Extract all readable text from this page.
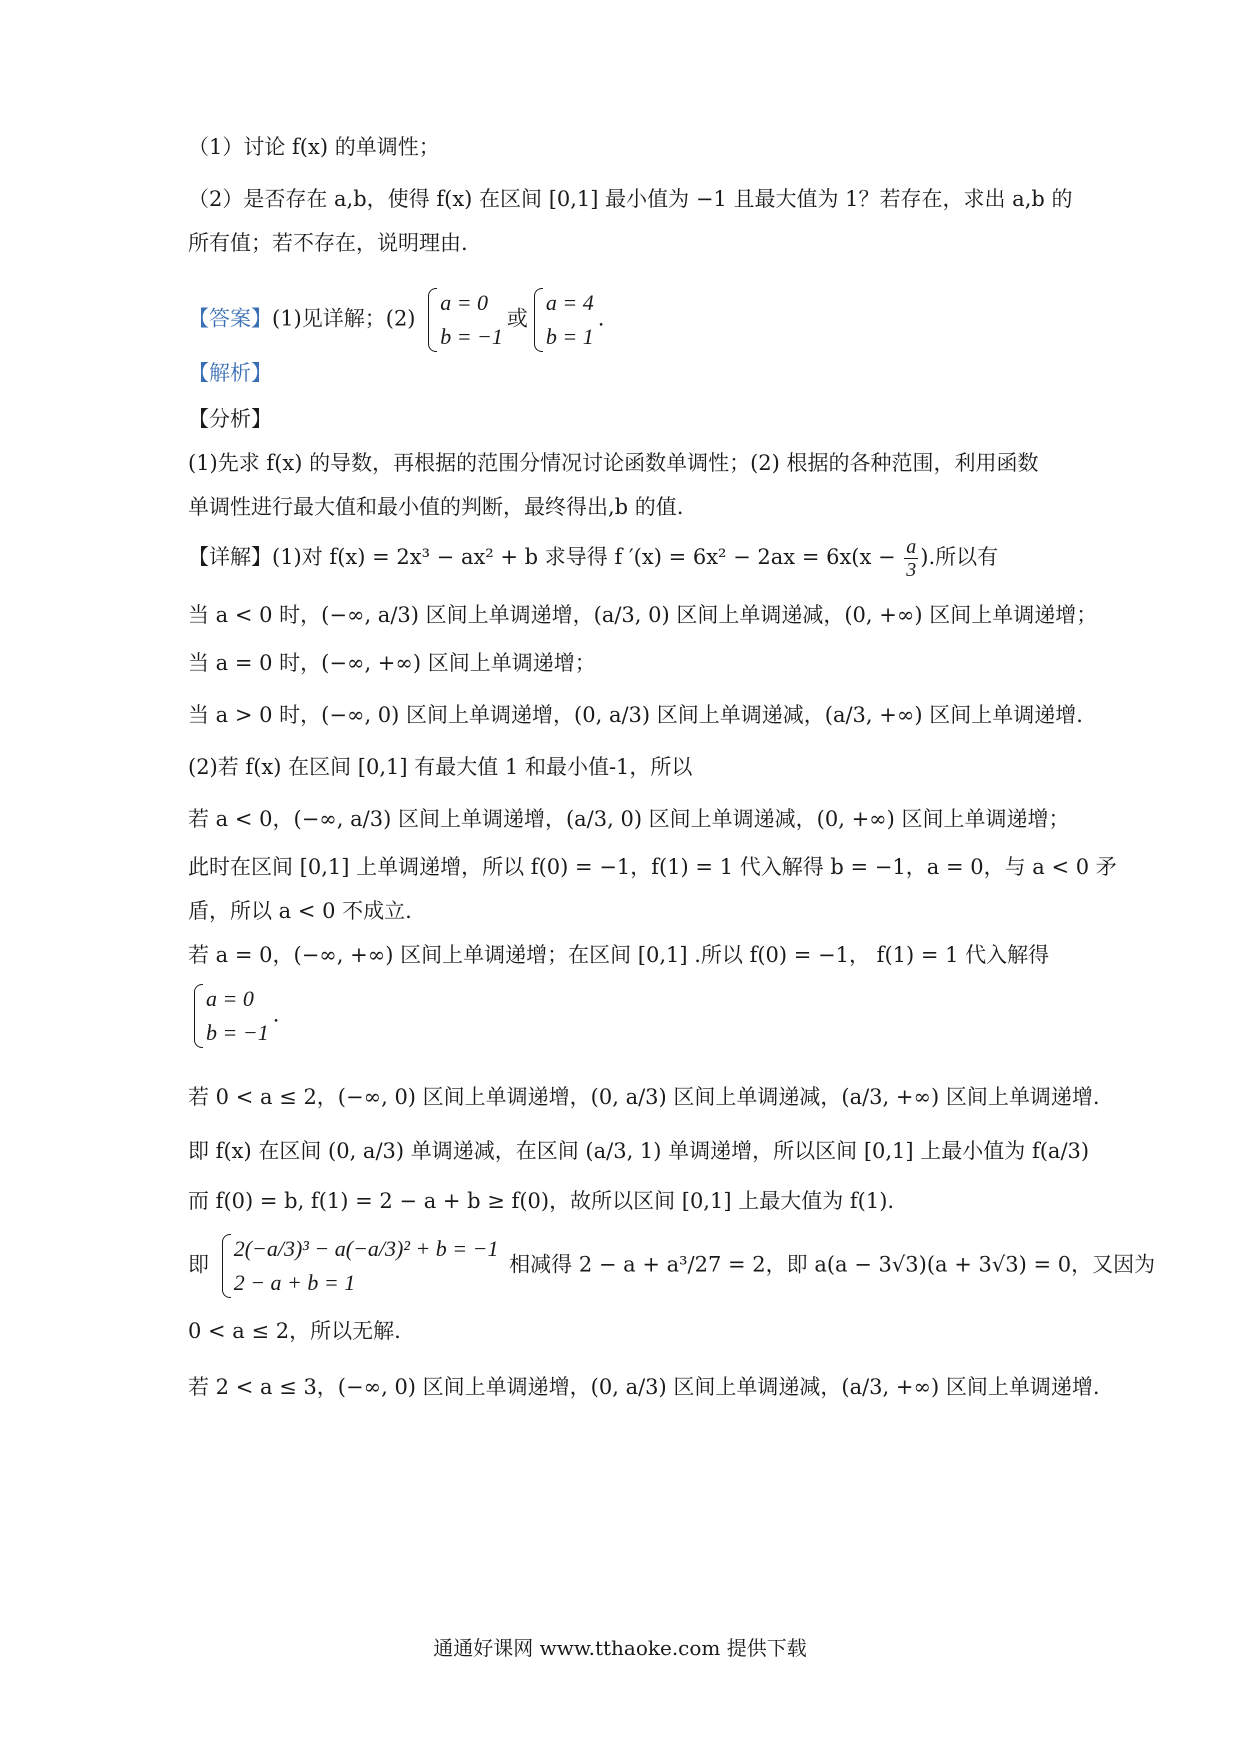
（1）讨论 f(x) 的单调性；
（2）是否存在 a,b，使得 f(x) 在区间 [0,1] 最小值为 −1 且最大值为 1？若存在，求出 a,b 的
所有值；若不存在，说明理由.
【答案】(1)见详解；(2)
a = 0
b = −1
或
a = 4
b = 1
.
【解析】
【分析】
(1)先求 f(x) 的导数，再根据的范围分情况讨论函数单调性；(2) 根据的各种范围，利用函数
单调性进行最大值和最小值的判断，最终得出,b 的值.
【详解】(1)对 f(x) = 2x³ − ax² + b 求导得 f $'(x) = 6x^2 - 2ax = 6x(x - \frac{a}{3}$ ).所以有
当 a < 0 时，(−∞, a/3) 区间上单调递增，(a/3, 0) 区间上单调递减，(0, +∞) 区间上单调递增；
当 a = 0 时，(−∞, +∞) 区间上单调递增；
当 a > 0 时，(−∞, 0) 区间上单调递增，(0, a/3) 区间上单调递减，(a/3, +∞) 区间上单调递增.
(2)若 f(x) 在区间 [0,1] 有最大值 1 和最小值-1，所以
若 a < 0，(−∞, a/3) 区间上单调递增，(a/3, 0) 区间上单调递减，(0, +∞) 区间上单调递增；
此时在区间 [0,1] 上单调递增，所以 f(0) = −1，f(1) = 1 代入解得 b = −1，a = 0，与 a < 0 矛
盾，所以 a < 0 不成立.
若 a = 0，(−∞, +∞) 区间上单调递增；在区间 [0,1] .所以 f(0) = −1， f(1) = 1 代入解得
a = 0
b = −1
.
若 0 < a ≤ 2，(−∞, 0) 区间上单调递增，(0, a/3) 区间上单调递减，(a/3, +∞) 区间上单调递增.
即 f(x) 在区间 (0, a/3) 单调递减，在区间 (a/3, 1) 单调递增，所以区间 [0,1] 上最小值为 f(a/3)
而 f(0) = b, f(1) = 2 − a + b ≥ f(0)，故所以区间 [0,1] 上最大值为 f(1).
即
2(−a/3)³ − a(−a/3)² + b = −1
2 − a + b = 1
相减得 2 − a + a³/27 = 2，即 a(a − 3√3)(a + 3√3) = 0，又因为
0 < a ≤ 2，所以无解.
若 2 < a ≤ 3，(−∞, 0) 区间上单调递增，(0, a/3) 区间上单调递减，(a/3, +∞) 区间上单调递增.
通通好课网 www.tthaoke.com 提供下载
